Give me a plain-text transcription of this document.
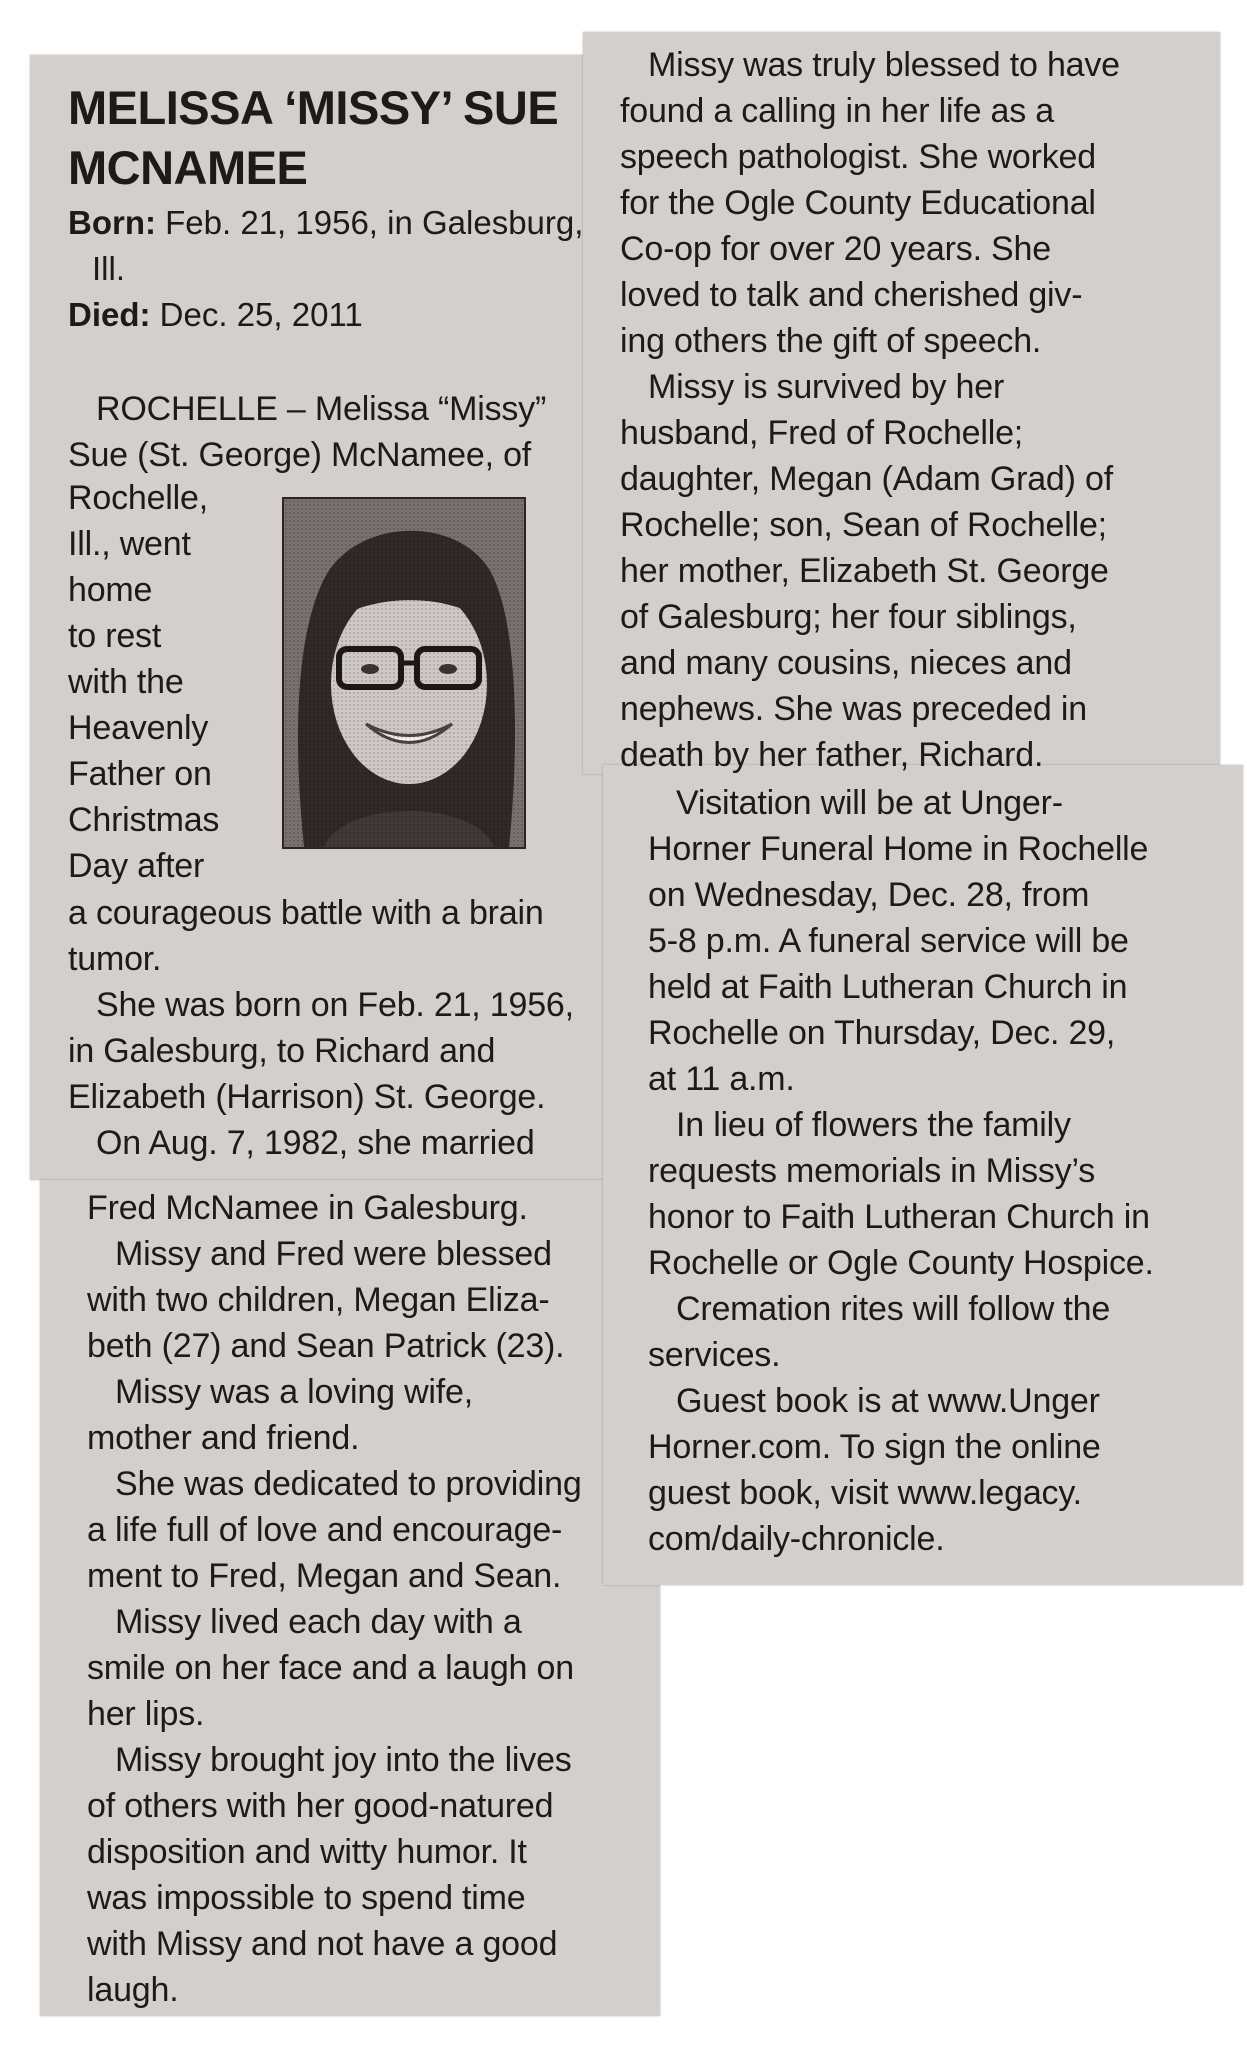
MELISSA ‘MISSY’ SUE
MCNAMEE
Born: Feb. 21, 1956, in Galesburg,
Ill.
Died: Dec. 25, 2011
ROCHELLE – Melissa “Missy”
Sue (St. George) McNamee, of
Rochelle,
Ill., went
home
to rest
with the
Heavenly
Father on
Christmas
Day after
a courageous battle with a brain
tumor.
She was born on Feb. 21, 1956,
in Galesburg, to Richard and
Elizabeth (Harrison) St. George.
On Aug. 7, 1982, she married
Fred McNamee in Galesburg.
Missy and Fred were blessed
with two children, Megan Eliza-
beth (27) and Sean Patrick (23).
Missy was a loving wife,
mother and friend.
She was dedicated to providing
a life full of love and encourage-
ment to Fred, Megan and Sean.
Missy lived each day with a
smile on her face and a laugh on
her lips.
Missy brought joy into the lives
of others with her good-natured
disposition and witty humor. It
was impossible to spend time
with Missy and not have a good
laugh.
Missy was truly blessed to have
found a calling in her life as a
speech pathologist. She worked
for the Ogle County Educational
Co-op for over 20 years. She
loved to talk and cherished giv-
ing others the gift of speech.
Missy is survived by her
husband, Fred of Rochelle;
daughter, Megan (Adam Grad) of
Rochelle; son, Sean of Rochelle;
her mother, Elizabeth St. George
of Galesburg; her four siblings,
and many cousins, nieces and
nephews. She was preceded in
death by her father, Richard.
Visitation will be at Unger-
Horner Funeral Home in Rochelle
on Wednesday, Dec. 28, from
5-8 p.m. A funeral service will be
held at Faith Lutheran Church in
Rochelle on Thursday, Dec. 29,
at 11 a.m.
In lieu of flowers the family
requests memorials in Missy’s
honor to Faith Lutheran Church in
Rochelle or Ogle County Hospice.
Cremation rites will follow the
services.
Guest book is at www.Unger
Horner.com. To sign the online
guest book, visit www.legacy.
com/daily-chronicle.
